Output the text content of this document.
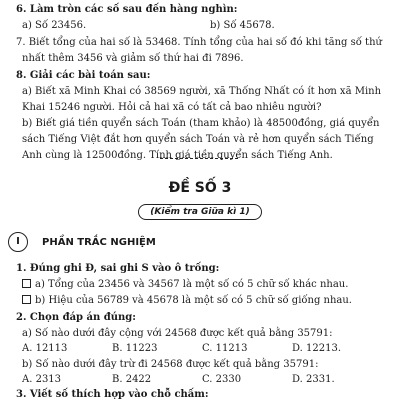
6. Làm tròn các số sau đến hàng nghìn:
a) Số 23456.	b) Số 45678.
7. Biết tổng của hai số là 53468. Tính tổng của hai số đó khi tăng số thứ
nhất thêm 3456 và giảm số thứ hai đi 7896.
8. Giải các bài toán sau:
a) Biết xã Minh Khai có 38569 người, xã Thống Nhất có ít hơn xã Minh
Khai 15246 người. Hỏi cả hai xã có tất cả bao nhiêu người?
b) Biết giá tiền quyển sách Toán (tham khảo) là 48500đồng, giá quyển
sách Tiếng Việt đắt hơn quyển sách Toán và rẻ hơn quyển sách Tiếng
Anh cùng là 12500đồng. Tính giá tiền quyển sách Tiếng Anh.
ĐỀ SỐ 3
(Kiểm tra Giữa kì 1)
I	PHẦN TRẮC NGHIỆM
1. Đúng ghi Đ, sai ghi S vào ô trống:
a) Tổng của 23456 và 34567 là một số có 5 chữ số khác nhau.
b) Hiệu của 56789 và 45678 là một số có 5 chữ số giống nhau.
2. Chọn đáp án đúng:
a) Số nào dưới đây cộng với 24568 được kết quả bằng 35791:
A. 12113	B. 11223	C. 11213	D. 12213.
b) Số nào dưới đây trừ đi 24568 được kết quả bằng 35791:
A. 2313	B. 2422	C. 2330	D. 2331.
3. Viết số thích hợp vào chỗ chấm:
